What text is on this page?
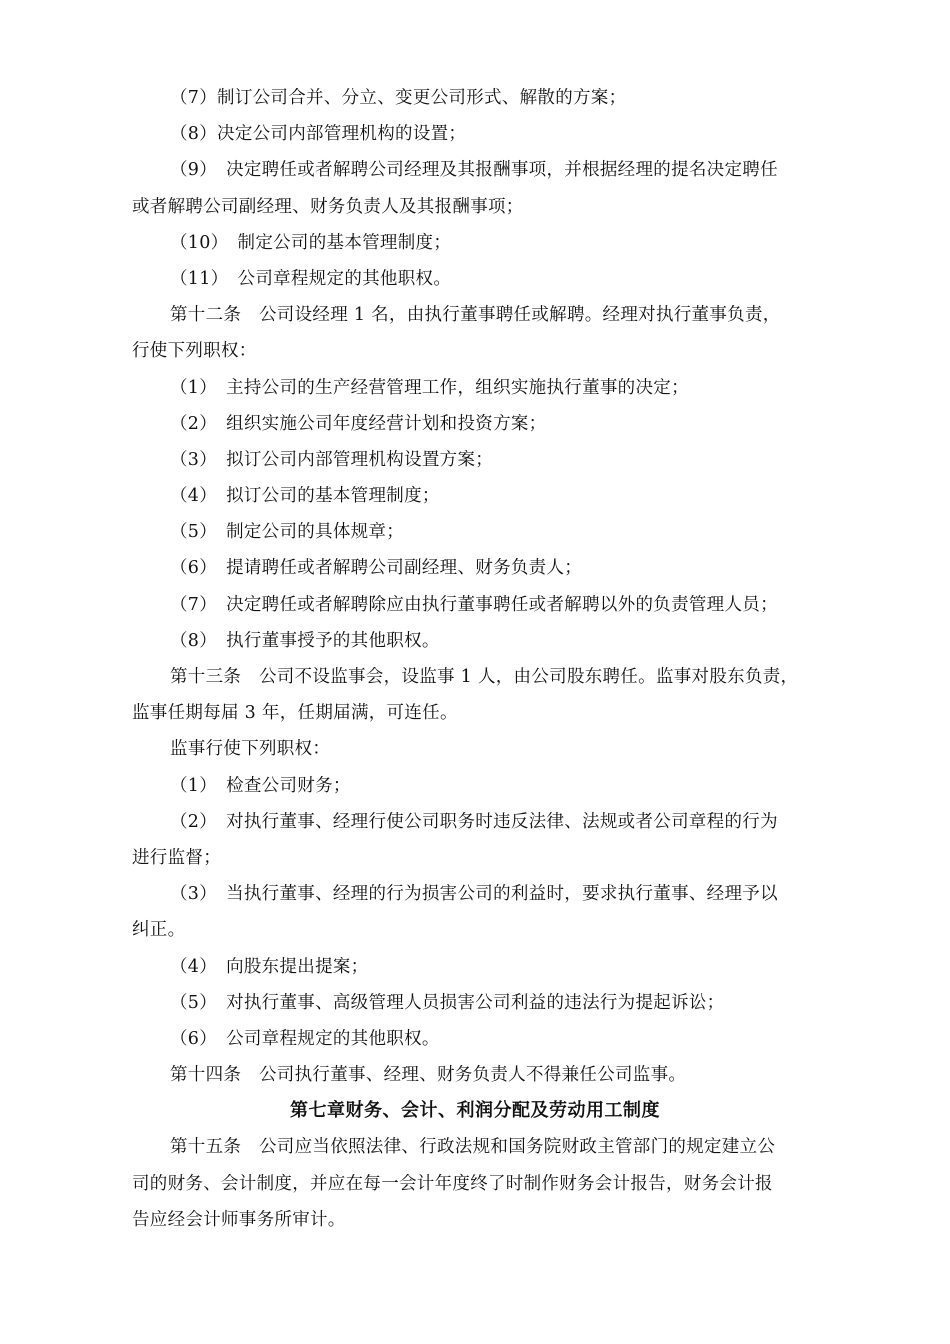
（7）制订公司合并、分立、变更公司形式、解散的方案；
（8）决定公司内部管理机构的设置；
（9）　决定聘任或者解聘公司经理及其报酬事项，并根据经理的提名决定聘任
或者解聘公司副经理、财务负责人及其报酬事项；
（10）　制定公司的基本管理制度；
（11）　公司章程规定的其他职权。
第十二条　公司设经理 1 名，由执行董事聘任或解聘。经理对执行董事负责，
行使下列职权：
（1）　主持公司的生产经营管理工作，组织实施执行董事的决定；
（2）　组织实施公司年度经营计划和投资方案；
（3）　拟订公司内部管理机构设置方案；
（4）　拟订公司的基本管理制度；
（5）　制定公司的具体规章；
（6）　提请聘任或者解聘公司副经理、财务负责人；
（7）　决定聘任或者解聘除应由执行董事聘任或者解聘以外的负责管理人员；
（8）　执行董事授予的其他职权。
第十三条　公司不设监事会，设监事 1 人，由公司股东聘任。监事对股东负责，
监事任期每届 3 年，任期届满，可连任。
监事行使下列职权：
（1）　检查公司财务；
（2）　对执行董事、经理行使公司职务时违反法律、法规或者公司章程的行为
进行监督；
（3）　当执行董事、经理的行为损害公司的利益时，要求执行董事、经理予以
纠正。
（4）　向股东提出提案；
（5）　对执行董事、高级管理人员损害公司利益的违法行为提起诉讼；
（6）　公司章程规定的其他职权。
第十四条　公司执行董事、经理、财务负责人不得兼任公司监事。
第七章财务、会计、利润分配及劳动用工制度
第十五条　公司应当依照法律、行政法规和国务院财政主管部门的规定建立公
司的财务、会计制度，并应在每一会计年度终了时制作财务会计报告，财务会计报
告应经会计师事务所审计。
